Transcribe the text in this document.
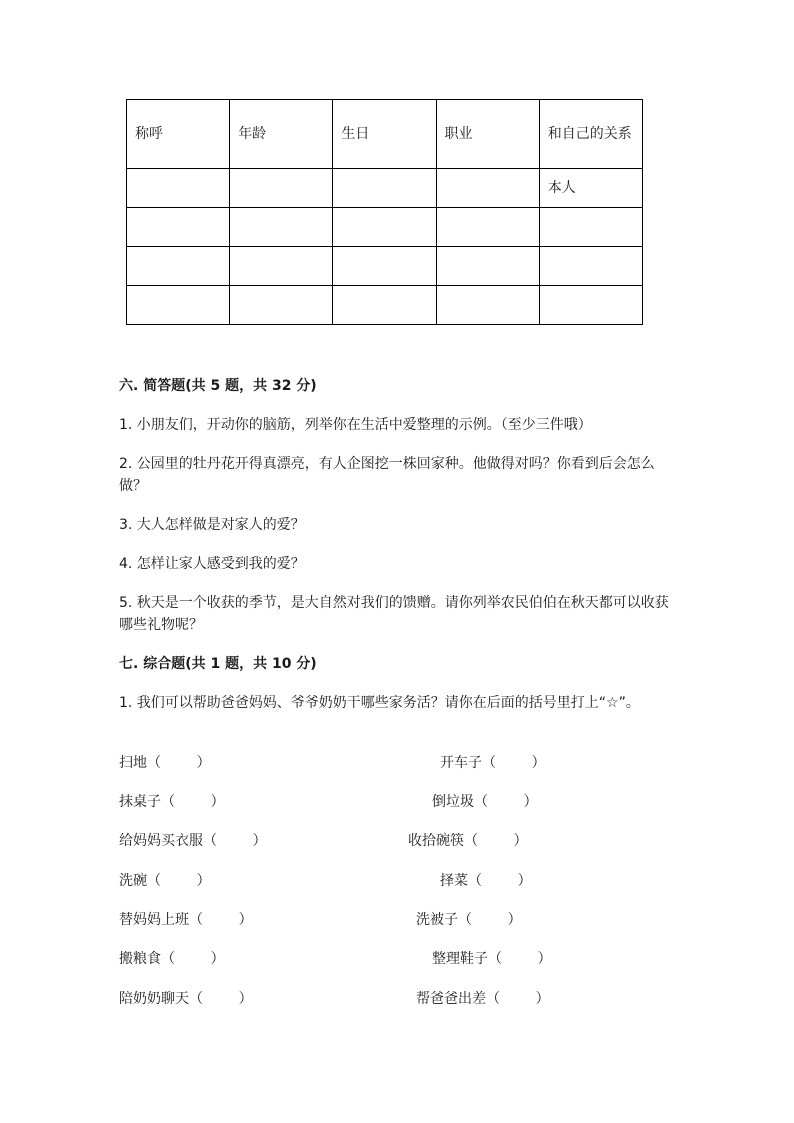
称呼	年龄	生日	职业	和自己的关系
				本人

六. 简答题(共 5 题，共 32 分)
1. 小朋友们，开动你的脑筋，列举你在生活中爱整理的示例。（至少三件哦）
2. 公园里的牡丹花开得真漂亮，有人企图挖一株回家种。他做得对吗？你看到后会怎么做？
3. 大人怎样做是对家人的爱？
4. 怎样让家人感受到我的爱？
5. 秋天是一个收获的季节，是大自然对我们的馈赠。请你列举农民伯伯在秋天都可以收获哪些礼物呢？
七. 综合题(共 1 题，共 10 分)
1. 我们可以帮助爸爸妈妈、爷爷奶奶干哪些家务活？请你在后面的括号里打上“☆”。
扫地（        ）	开车子（        ）
抹桌子（        ）	倒垃圾（        ）
给妈妈买衣服（        ）	收拾碗筷（        ）
洗碗（        ）	择菜（        ）
替妈妈上班（        ）	洗被子（        ）
搬粮食（        ）	整理鞋子（        ）
陪奶奶聊天（        ）	帮爸爸出差（        ）
